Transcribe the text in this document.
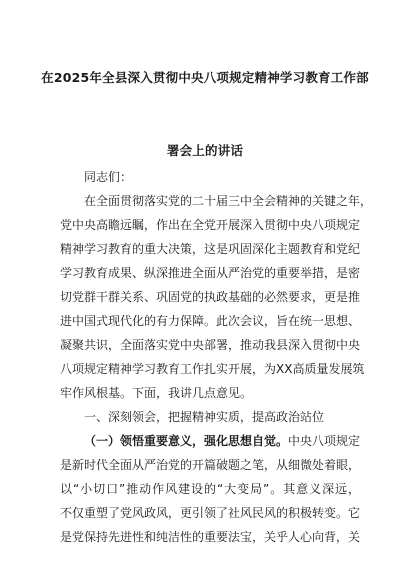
在2025年全县深入贯彻中央八项规定精神学习教育工作部
署会上的讲话
同志们：
在全面贯彻落实党的二十届三中全会精神的关键之年，
党中央高瞻远瞩，作出在全党开展深入贯彻中央八项规定
精神学习教育的重大决策，这是巩固深化主题教育和党纪
学习教育成果、纵深推进全面从严治党的重要举措，是密
切党群干群关系、巩固党的执政基础的必然要求，更是推
进中国式现代化的有力保障。此次会议，旨在统一思想、
凝聚共识，全面落实党中央部署，推动我县深入贯彻中央
八项规定精神学习教育工作扎实开展，为XX高质量发展筑
牢作风根基。下面，我讲几点意见。
一、深刻领会，把握精神实质，提高政治站位
（一）领悟重要意义，强化思想自觉。中央八项规定
是新时代全面从严治党的开篇破题之笔，从细微处着眼，
以“小切口”推动作风建设的“大变局”。其意义深远，
不仅重塑了党风政风，更引领了社风民风的积极转变。它
是党保持先进性和纯洁性的重要法宝，关乎人心向背，关
